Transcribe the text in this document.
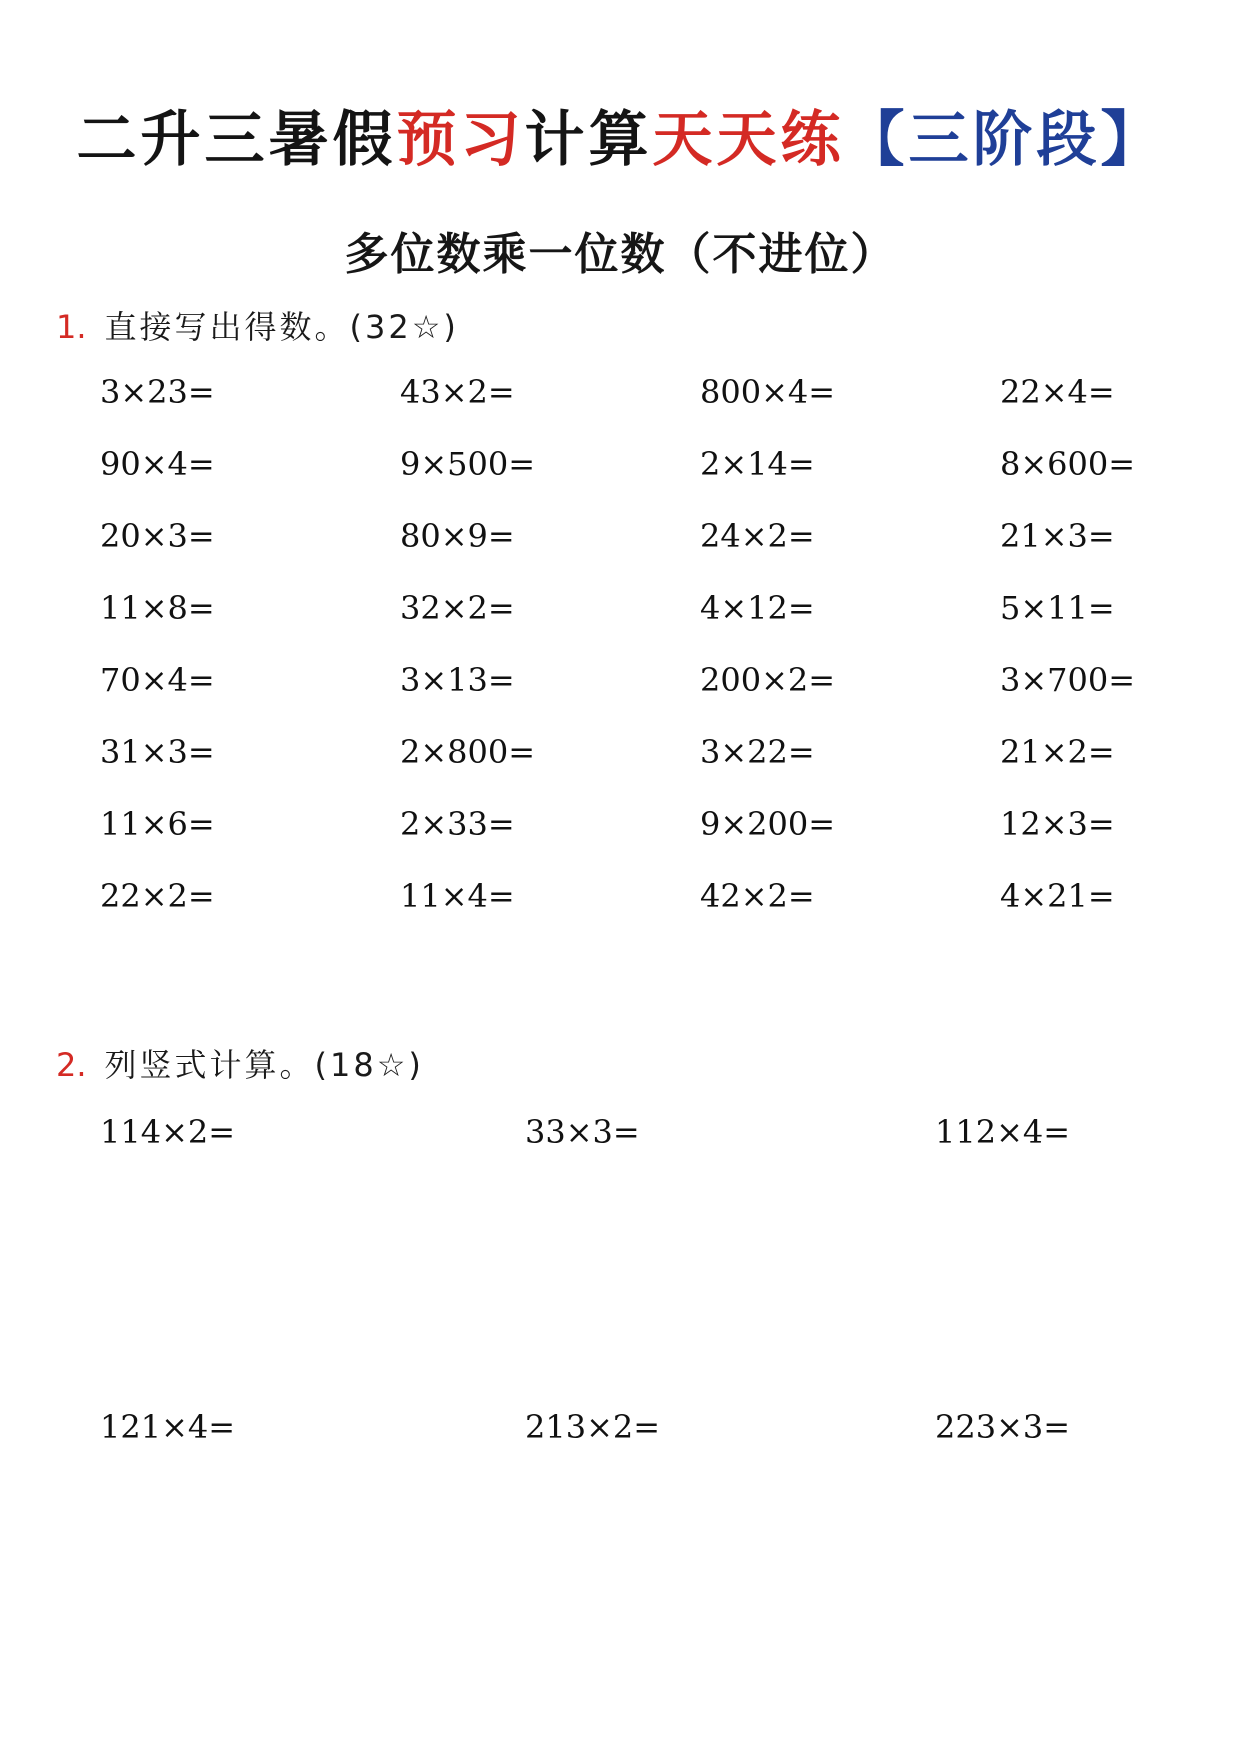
二升三暑假预习计算天天练【三阶段】
多位数乘一位数（不进位）
1. 直接写出得数。(32☆)
3×23=	43×2=	800×4=	22×4=
90×4=	9×500=	2×14=	8×600=
20×3=	80×9=	24×2=	21×3=
11×8=	32×2=	4×12=	5×11=
70×4=	3×13=	200×2=	3×700=
31×3=	2×800=	3×22=	21×2=
11×6=	2×33=	9×200=	12×3=
22×2=	11×4=	42×2=	4×21=
2. 列竖式计算。(18☆)
114×2=	33×3=	112×4=
121×4=	213×2=	223×3=
